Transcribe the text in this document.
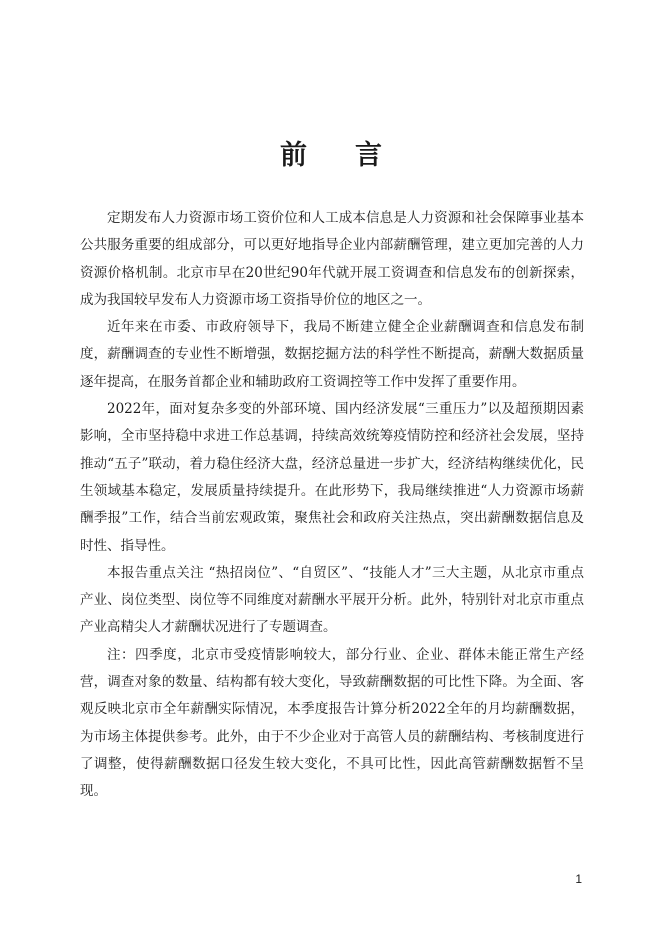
前言

定期发布人力资源市场工资价位和人工成本信息是人力资源和社会保障事业基本公共服务重要的组成部分，可以更好地指导企业内部薪酬管理，建立更加完善的人力资源价格机制。北京市早在20世纪90年代就开展工资调查和信息发布的创新探索，成为我国较早发布人力资源市场工资指导价位的地区之一。

近年来在市委、市政府领导下，我局不断建立健全企业薪酬调查和信息发布制度，薪酬调查的专业性不断增强，数据挖掘方法的科学性不断提高，薪酬大数据质量逐年提高，在服务首都企业和辅助政府工资调控等工作中发挥了重要作用。

2022年，面对复杂多变的外部环境、国内经济发展“三重压力”以及超预期因素影响，全市坚持稳中求进工作总基调，持续高效统筹疫情防控和经济社会发展，坚持推动“五子”联动，着力稳住经济大盘，经济总量进一步扩大，经济结构继续优化，民生领域基本稳定，发展质量持续提升。在此形势下，我局继续推进“人力资源市场薪酬季报”工作，结合当前宏观政策，聚焦社会和政府关注热点，突出薪酬数据信息及时性、指导性。

本报告重点关注 “热招岗位”、“自贸区”、“技能人才”三大主题，从北京市重点产业、岗位类型、岗位等不同维度对薪酬水平展开分析。此外，特别针对北京市重点产业高精尖人才薪酬状况进行了专题调查。

注：四季度，北京市受疫情影响较大，部分行业、企业、群体未能正常生产经营，调查对象的数量、结构都有较大变化，导致薪酬数据的可比性下降。为全面、客观反映北京市全年薪酬实际情况，本季度报告计算分析2022全年的月均薪酬数据，为市场主体提供参考。此外，由于不少企业对于高管人员的薪酬结构、考核制度进行了调整，使得薪酬数据口径发生较大变化，不具可比性，因此高管薪酬数据暂不呈现。

1
